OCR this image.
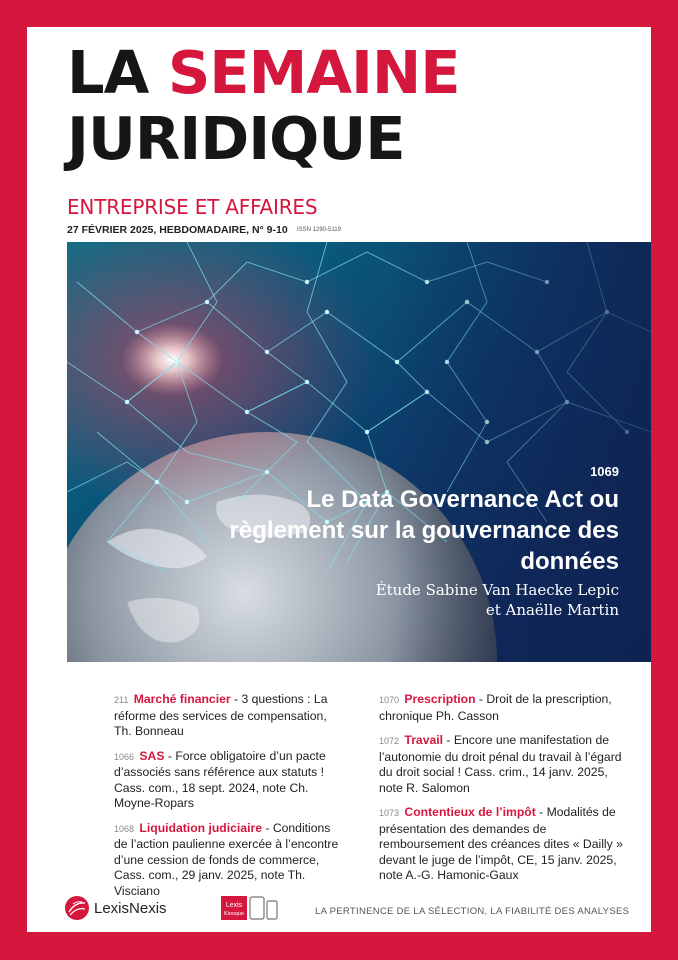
LA SEMAINE
JURIDIQUE
ENTREPRISE ET AFFAIRES
27 FÉVRIER 2025, HEBDOMADAIRE, N° 9-10 ISSN 1290-5119
1069
Le Data Governance Act ou règlement sur la gouvernance des données
Étude Sabine Van Haecke Lepic
et Anaëlle Martin
211 Marché financier - 3 questions : La réforme des services de compensation, Th. Bonneau
1066 SAS - Force obligatoire d’un pacte d’associés sans référence aux statuts ! Cass. com., 18 sept. 2024, note Ch. Moyne-Ropars
1068 Liquidation judiciaire - Conditions de l’action paulienne exercée à l’encontre d’une cession de fonds de commerce, Cass. com., 29 janv. 2025, note Th. Visciano
1070 Prescription - Droit de la prescription, chronique Ph. Casson
1072 Travail - Encore une manifestation de l’autonomie du droit pénal du travail à l’égard du droit social ! Cass. crim., 14 janv. 2025, note R. Salomon
1073 Contentieux de l’impôt - Modalités de présentation des demandes de remboursement des créances dites « Dailly » devant le juge de l’impôt, CE, 15 janv. 2025, note A.-G. Hamonic-Gaux
LexisNexis	Lexis
Kiosque	LA PERTINENCE DE LA SÉLECTION, LA FIABILITÉ DES ANALYSES
